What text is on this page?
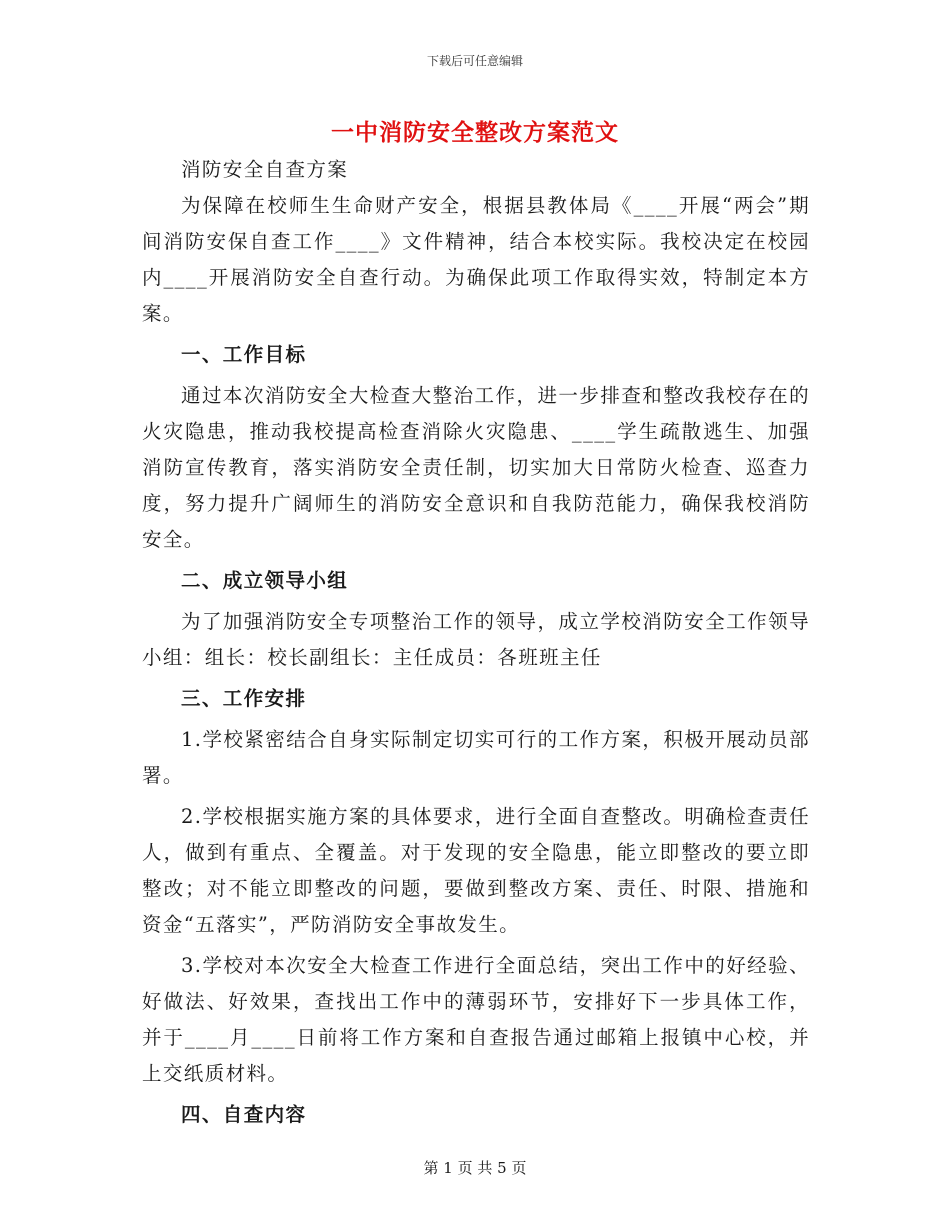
下载后可任意编辑
一中消防安全整改方案范文

消防安全自查方案

为保障在校师生生命财产安全，根据县教体局《____开展“两会”期间消防安保自查工作____》文件精神，结合本校实际。我校决定在校园内____开展消防安全自查行动。为确保此项工作取得实效，特制定本方案。

一、工作目标

通过本次消防安全大检查大整治工作，进一步排查和整改我校存在的火灾隐患，推动我校提高检查消除火灾隐患、____学生疏散逃生、加强消防宣传教育，落实消防安全责任制，切实加大日常防火检查、巡查力度，努力提升广阔师生的消防安全意识和自我防范能力，确保我校消防安全。

二、成立领导小组

为了加强消防安全专项整治工作的领导，成立学校消防安全工作领导小组：组长：校长副组长：主任成员：各班班主任

三、工作安排

1.学校紧密结合自身实际制定切实可行的工作方案，积极开展动员部署。

2.学校根据实施方案的具体要求，进行全面自查整改。明确检查责任人，做到有重点、全覆盖。对于发现的安全隐患，能立即整改的要立即整改；对不能立即整改的问题，要做到整改方案、责任、时限、措施和资金“五落实”，严防消防安全事故发生。

3.学校对本次安全大检查工作进行全面总结，突出工作中的好经验、好做法、好效果，查找出工作中的薄弱环节，安排好下一步具体工作，并于____月____日前将工作方案和自查报告通过邮箱上报镇中心校，并上交纸质材料。

四、自查内容

第 1 页 共 5 页
